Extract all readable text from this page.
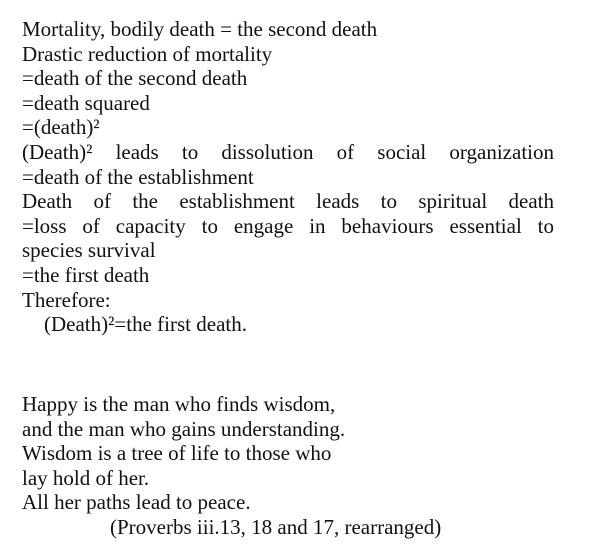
Mortality, bodily death = the second death
Drastic reduction of mortality
=death of the second death
=death squared
=(death)²
(Death)² leads to dissolution of social organization
=death of the establishment
Death of the establishment leads to spiritual death
=loss of capacity to engage in behaviours essential to
species survival
=the first death
Therefore:
(Death)²=the first death.
Happy is the man who finds wisdom,
and the man who gains understanding.
Wisdom is a tree of life to those who
lay hold of her.
All her paths lead to peace.
(Proverbs iii.13, 18 and 17, rearranged)
